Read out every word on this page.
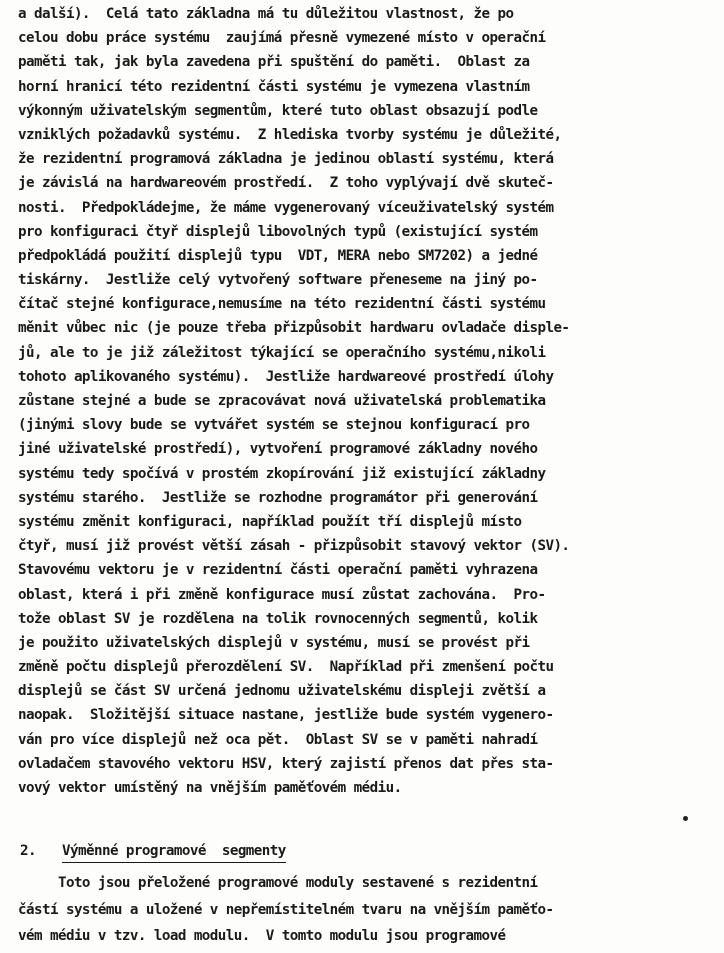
a další).  Celá tato základna má tu důležitou vlastnost, že po
celou dobu práce systému  zaujímá přesně vymezené místo v operační
paměti tak, jak byla zavedena při spuštění do paměti.  Oblast za
horní hranicí této rezidentní části systému je vymezena vlastním
výkonným uživatelským segmentům, které tuto oblast obsazují podle
vzniklých požadavků systému.  Z hlediska tvorby systému je důležité,
že rezidentní programová základna je jedinou oblastí systému, která
je závislá na hardwareovém prostředí.  Z toho vyplývají dvě skuteč-
nosti.  Předpokládejme, že máme vygenerovaný víceuživatelský systém
pro konfiguraci čtyř displejů libovolných typů (existující systém
předpokládá použití displejů typu  VDT, MERA nebo SM7202) a jedné
tiskárny.  Jestliže celý vytvořený software přeneseme na jiný po-
čítač stejné konfigurace,nemusíme na této rezidentní části systému
měnit vůbec nic (je pouze třeba přizpůsobit hardwaru ovladače disple-
jů, ale to je již záležitost týkající se operačního systému,nikoli
tohoto aplikovaného systému).  Jestliže hardwareové prostředí úlohy
zůstane stejné a bude se zpracovávat nová uživatelská problematika
(jinými slovy bude se vytvářet systém se stejnou konfigurací pro
jiné uživatelské prostředí), vytvoření programové základny nového
systému tedy spočívá v prostém zkopírování již existující základny
systému starého.  Jestliže se rozhodne programátor při generování
systému změnit konfiguraci, například použít tří displejů místo
čtyř, musí již provést větší zásah - přizpůsobit stavový vektor (SV).
Stavovému vektoru je v rezidentní části operační paměti vyhrazena
oblast, která i při změně konfigurace musí zůstat zachována.  Pro-
tože oblast SV je rozdělena na tolik rovnocenných segmentů, kolik
je použito uživatelských displejů v systému, musí se provést při
změně počtu displejů přerozdělení SV.  Například při zmenšení počtu
displejů se část SV určená jednomu uživatelskému displeji zvětší a
naopak.  Složitější situace nastane, jestliže bude systém vygenero-
ván pro více displejů než oca pět.  Oblast SV se v paměti nahradí
ovladačem stavového vektoru HSV, který zajistí přenos dat přes sta-
vový vektor umístěný na vnějším paměťovém médiu.
2. Výměnné programové  segmenty
Toto jsou přeložené programové moduly sestavené s rezidentní
částí systému a uložené v nepřemístitelném tvaru na vnějším paměťo-
vém médiu v tzv. load modulu.  V tomto modulu jsou programové
